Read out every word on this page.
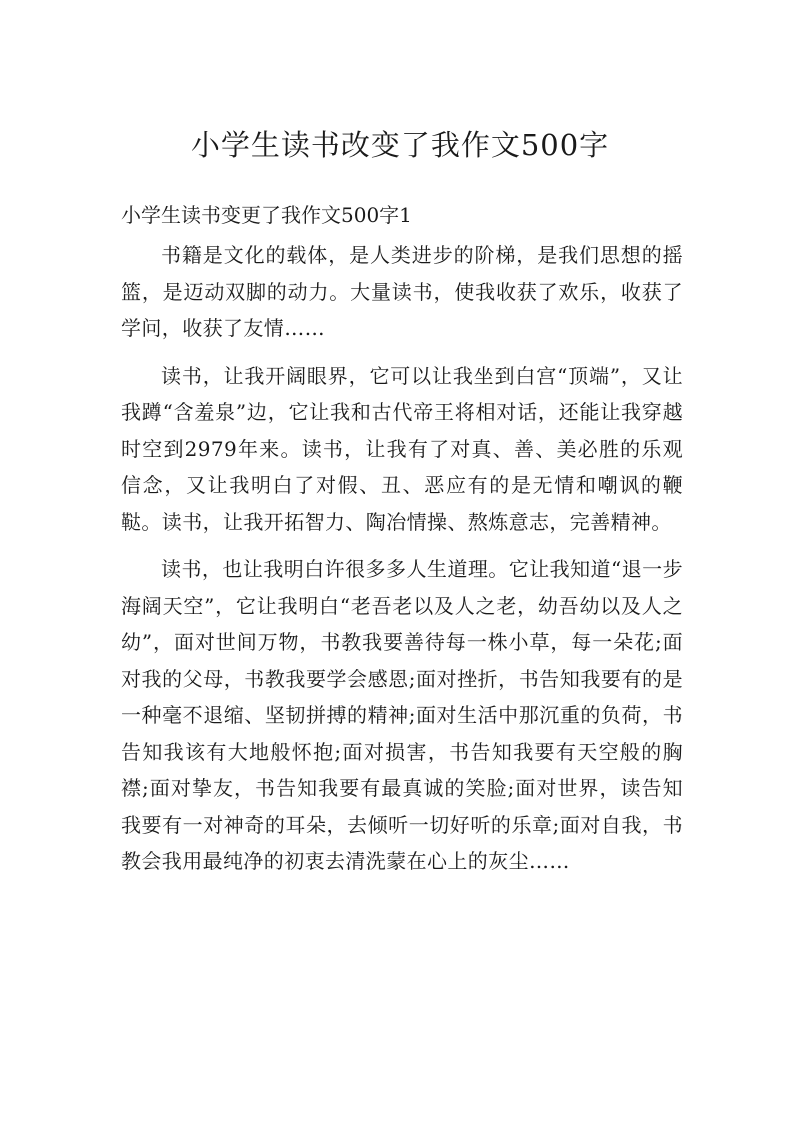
小学生读书改变了我作文500字

小学生读书变更了我作文500字1

书籍是文化的载体，是人类进步的阶梯，是我们思想的摇篮，是迈动双脚的动力。大量读书，使我收获了欢乐，收获了学问，收获了友情……

读书，让我开阔眼界，它可以让我坐到白宫“顶端”，又让我蹲“含羞泉”边，它让我和古代帝王将相对话，还能让我穿越时空到2979年来。读书，让我有了对真、善、美必胜的乐观信念，又让我明白了对假、丑、恶应有的是无情和嘲讽的鞭鞑。读书，让我开拓智力、陶冶情操、熬炼意志，完善精神。

读书，也让我明白许很多多人生道理。它让我知道“退一步海阔天空”，它让我明白“老吾老以及人之老，幼吾幼以及人之幼”，面对世间万物，书教我要善待每一株小草，每一朵花;面对我的父母，书教我要学会感恩;面对挫折，书告知我要有的是一种毫不退缩、坚韧拼搏的精神;面对生活中那沉重的负荷，书告知我该有大地般怀抱;面对损害，书告知我要有天空般的胸襟;面对挚友，书告知我要有最真诚的笑脸;面对世界，读告知我要有一对神奇的耳朵，去倾听一切好听的乐章;面对自我，书教会我用最纯净的初衷去清洗蒙在心上的灰尘……
